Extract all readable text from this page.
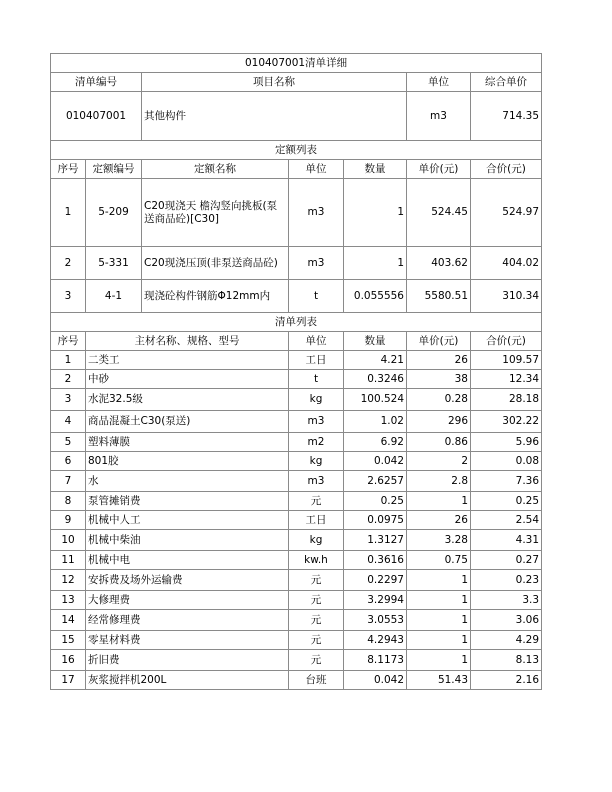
010407001清单详细						
清单编号		项目名称			单位	综合单价
010407001		其他构件			m3	714.35
定额列表						
序号	定额编号	定额名称	单位	数量	单价(元)	合价(元)
1	5-209	C20现浇天 檐沟竖向挑板(泵送商品砼)[C30]	m3	1	524.45	524.97
2	5-331	C20现浇压顶(非泵送商品砼)	m3	1	403.62	404.02
3	4-1	现浇砼构件钢筋Φ12mm内	t	0.055556	5580.51	310.34
清单列表						
序号	主材名称、规格、型号		单位	数量	单价(元)	合价(元)
1	二类工		工日	4.21	26	109.57
2	中砂		t	0.3246	38	12.34
3	水泥32.5级		kg	100.524	0.28	28.18
4	商品混凝土C30(泵送)		m3	1.02	296	302.22
5	塑料薄膜		m2	6.92	0.86	5.96
6	801胶		kg	0.042	2	0.08
7	水		m3	2.6257	2.8	7.36
8	泵管摊销费		元	0.25	1	0.25
9	机械中人工		工日	0.0975	26	2.54
10	机械中柴油		kg	1.3127	3.28	4.31
11	机械中电		kw.h	0.3616	0.75	0.27
12	安拆费及场外运输费		元	0.2297	1	0.23
13	大修理费		元	3.2994	1	3.3
14	经常修理费		元	3.0553	1	3.06
15	零星材料费		元	4.2943	1	4.29
16	折旧费		元	8.1173	1	8.13
17	灰浆搅拌机200L		台班	0.042	51.43	2.16
